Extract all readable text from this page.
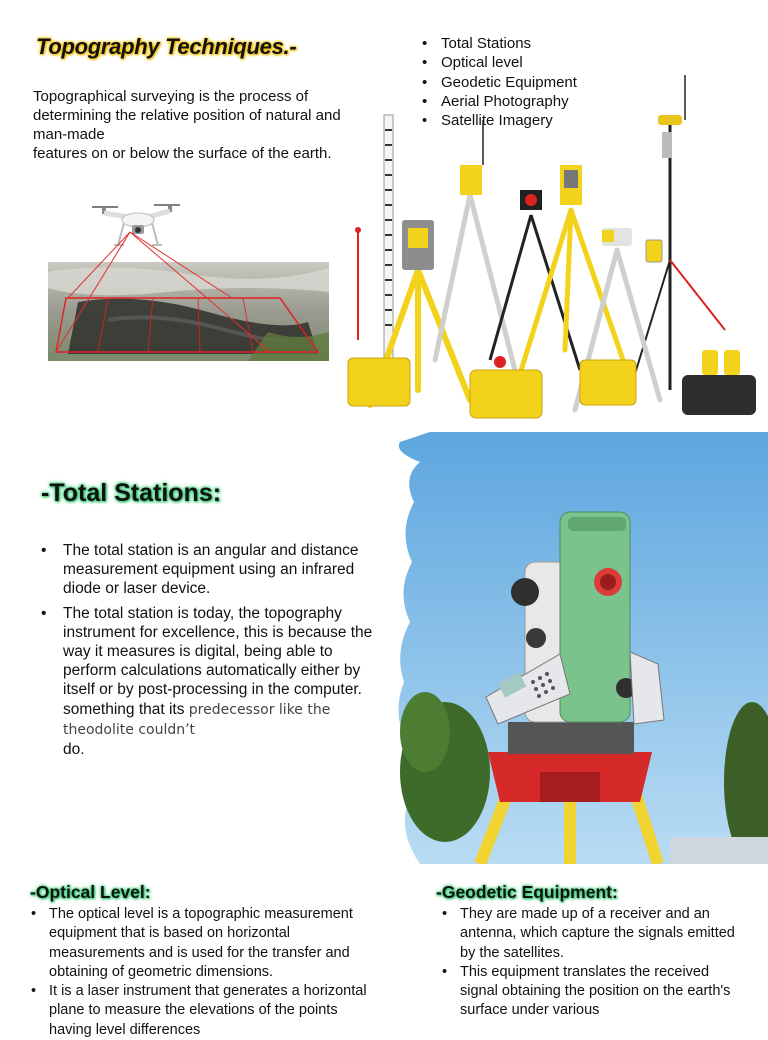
Topography Techniques.-

Topographical surveying is the process of determining the relative position of natural and man-made
features on or below the surface of the earth.

• Total Stations
• Optical level
• Geodetic Equipment
• Aerial Photography
• Satellite Imagery
-Total Stations:
• The total station is an angular and distance measurement equipment using an infrared diode or laser device.
• The total station is today, the topography instrument for excellence, this is because the way it measures is digital, being able to perform calculations automatically either by itself or by post-processing in the computer. something that its predecessor like the theodolite couldn’t
do.
-Optical Level:
• The optical level is a topographic measurement equipment that is based on horizontal measurements and is used for the transfer and obtaining of geometric dimensions.
• It is a laser instrument that generates a horizontal plane to measure the elevations of the points having level differences
-Geodetic Equipment:
• They are made up of a receiver and an antenna, which capture the signals emitted by the satellites.
• This equipment translates the received signal obtaining the position on the earth's surface under various
